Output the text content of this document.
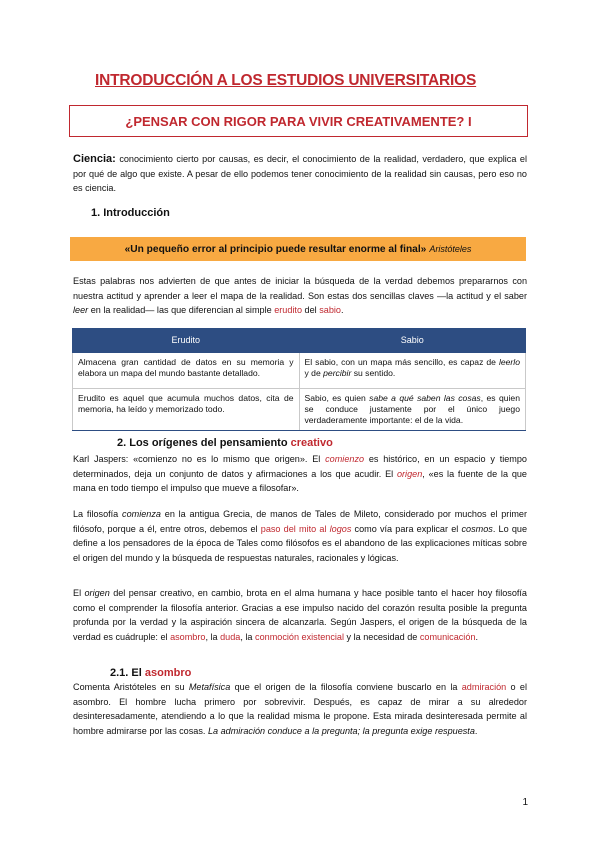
INTRODUCCIÓN A LOS ESTUDIOS UNIVERSITARIOS
¿PENSAR CON RIGOR PARA VIVIR CREATIVAMENTE? I
Ciencia: conocimiento cierto por causas, es decir, el conocimiento de la realidad, verdadero, que explica el por qué de algo que existe. A pesar de ello podemos tener conocimiento de la realidad sin causas, pero eso no es ciencia.
1. Introducción
«Un pequeño error al principio puede resultar enorme al final» Aristóteles
Estas palabras nos advierten de que antes de iniciar la búsqueda de la verdad debemos prepararnos con nuestra actitud y aprender a leer el mapa de la realidad. Son estas dos sencillas claves —la actitud y el saber leer en la realidad— las que diferencian al simple erudito del sabio.
Erudito	Sabio
Almacena gran cantidad de datos en su memoria y elabora un mapa del mundo bastante detallado.	El sabio, con un mapa más sencillo, es capaz de leerlo y de percibir su sentido.
Erudito es aquel que acumula muchos datos, cita de memoria, ha leído y memorizado todo.	Sabio, es quien sabe a qué saben las cosas, es quien se conduce justamente por el único juego verdaderamente importante: el de la vida.
2. Los orígenes del pensamiento creativo
Karl Jaspers: «comienzo no es lo mismo que origen». El comienzo es histórico, en un espacio y tiempo determinados, deja un conjunto de datos y afirmaciones a los que acudir. El origen, «es la fuente de la que mana en todo tiempo el impulso que mueve a filosofar».
La filosofía comienza en la antigua Grecia, de manos de Tales de Mileto, considerado por muchos el primer filósofo, porque a él, entre otros, debemos el paso del mito al logos como vía para explicar el cosmos. Lo que define a los pensadores de la época de Tales como filósofos es el abandono de las explicaciones míticas sobre el origen del mundo y la búsqueda de respuestas naturales, racionales y lógicas.
El origen del pensar creativo, en cambio, brota en el alma humana y hace posible tanto el hacer hoy filosofía como el comprender la filosofía anterior. Gracias a ese impulso nacido del corazón resulta posible la pregunta profunda por la verdad y la aspiración sincera de alcanzarla. Según Jaspers, el origen de la búsqueda de la verdad es cuádruple: el asombro, la duda, la conmoción existencial y la necesidad de comunicación.
2.1. El asombro
Comenta Aristóteles en su Metafísica que el origen de la filosofía conviene buscarlo en la admiración o el asombro. El hombre lucha primero por sobrevivir. Después, es capaz de mirar a su alrededor desinteresadamente, atendiendo a lo que la realidad misma le propone. Esta mirada desinteresada permite al hombre admirarse por las cosas. La admiración conduce a la pregunta; la pregunta exige respuesta.
1
